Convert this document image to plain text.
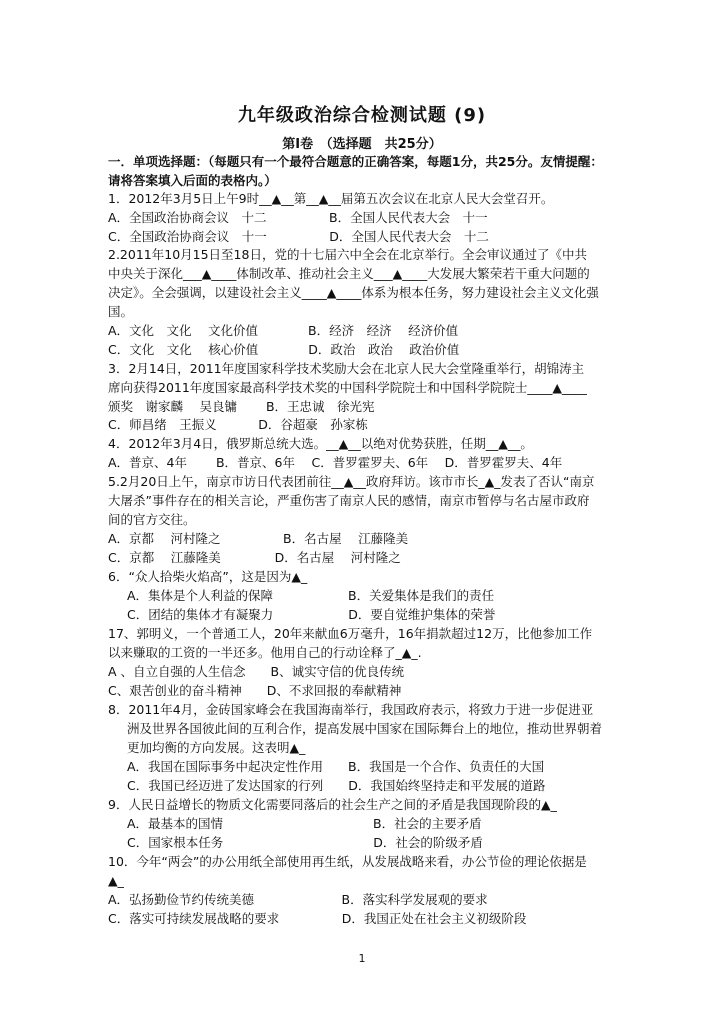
九年级政治综合检测试题 (9)
第Ⅰ卷　（选择题　共25分）
一．单项选择题：（每题只有一个最符合题意的正确答案，每题1分，共25分。友情提醒：
请将答案填入后面的表格内。）
1．2012年3月5日上午9时__▲__第__▲__届第五次会议在北京人民大会堂召开。
A．全国政治协商会议　十二　　　　　B．全国人民代表大会　十一
C．全国政治协商会议　十一　　　　　D．全国人民代表大会　十二
2.2011年10月15日至18日，党的十七届六中全会在北京举行。全会审议通过了《中共
中央关于深化___▲____体制改革、推动社会主义___▲____大发展大繁荣若干重大问题的
决定》。全会强调，以建设社会主义____▲____体系为根本任务，努力建设社会主义文化强
国。
A．文化　文化　 文化价值　　　　B．经济　经济　 经济价值
C．文化　文化　 核心价值　　　　D．政治　政治　 政治价值
3．2月14日，2011年度国家科学技术奖励大会在北京人民大会堂隆重举行，胡锦涛主
席向获得2011年度国家最高科学技术奖的中国科学院院士和中国科学院院士____▲____
颁奖　谢家麟　 吴良镛　　 B．王忠诚　徐光宪
C．师昌绪　王振义　　　 D．谷超豪　孙家栋
4．2012年3月4日，俄罗斯总统大选。__▲__以绝对优势获胜，任期__▲__。
A．普京、4年　　 B．普京、6年　 C．普罗霍罗夫、6年　 D．普罗霍罗夫、4年
5.2月20日上午，南京市访日代表团前往__▲__政府拜访。该市市长_▲_发表了否认“南京
大屠杀”事件存在的相关言论，严重伤害了南京人民的感情，南京市暂停与名古屋市政府
间的官方交往。
A．京都　 河村隆之　　　　　B．名古屋　 江藤隆美
C．京都　 江藤隆美　　　　 D．名古屋　 河村隆之
6．“众人拾柴火焰高”，这是因为▲_
A．集体是个人利益的保障　　　　　　B．关爱集体是我们的责任
C．团结的集体才有凝聚力　　　　　　D．要自觉维护集体的荣誉
17、郭明义，一个普通工人，20年来献血6万毫升，16年捐款超过12万，比他参加工作
以来赚取的工资的一半还多。他用自己的行动诠释了_▲_.
A 、自立自强的人生信念　　B、诚实守信的优良传统
C、艰苦创业的奋斗精神　　D、不求回报的奉献精神
8．2011年4月，金砖国家峰会在我国海南举行，我国政府表示，将致力于进一步促进亚
洲及世界各国彼此间的互利合作，提高发展中国家在国际舞台上的地位，推动世界朝着
更加均衡的方向发展。这表明▲_
A．我国在国际事务中起决定性作用　　B．我国是一个合作、负责任的大国
C．我国已经迈进了发达国家的行列　　D．我国始终坚持走和平发展的道路
9．人民日益增长的物质文化需要同落后的社会生产之间的矛盾是我国现阶段的▲_
A．最基本的国情　　　　　　　　　　　　B．社会的主要矛盾
C．国家根本任务　　　　　　　　　　　　D．社会的阶级矛盾
10．今年“两会”的办公用纸全部使用再生纸，从发展战略来看，办公节俭的理论依据是
▲_
A．弘扬勤俭节约传统美德　　　　　　　B．落实科学发展观的要求
C．落实可持续发展战略的要求　　　　　D．我国正处在社会主义初级阶段
1
